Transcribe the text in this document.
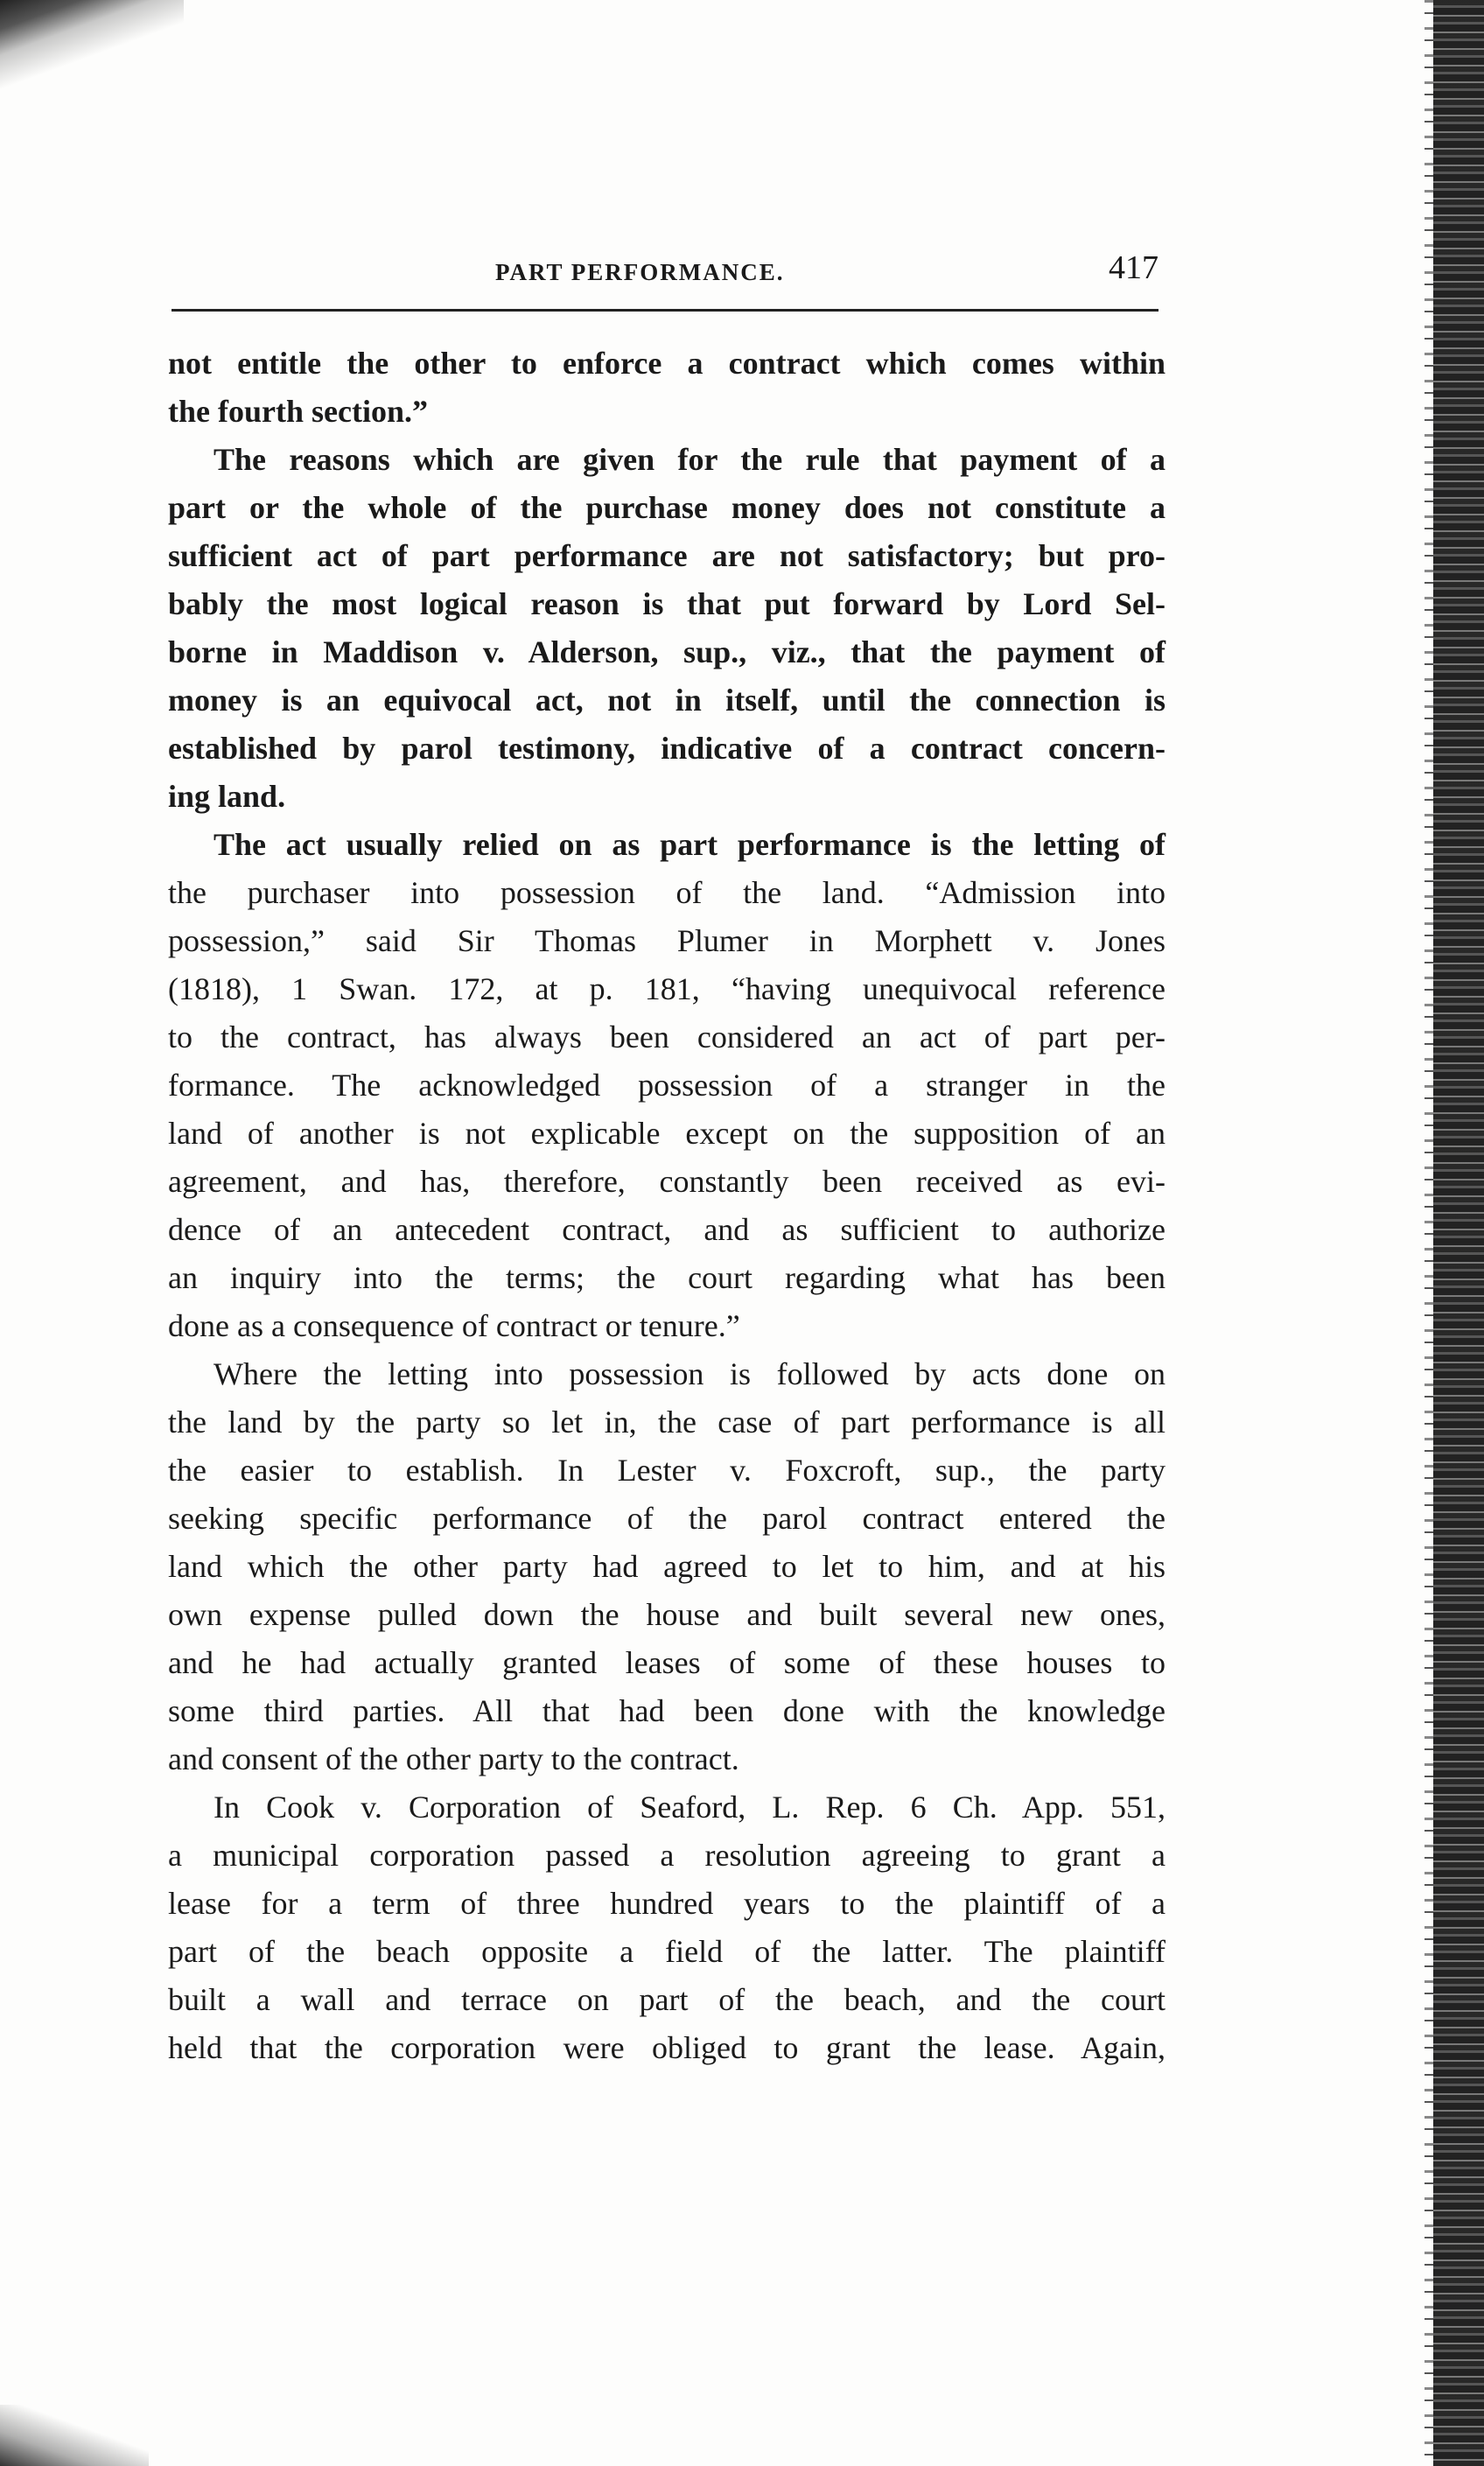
PART PERFORMANCE.	417
not entitle the other to enforce a contract which comes within
the fourth section.”
The reasons which are given for the rule that payment of a
part or the whole of the purchase money does not constitute a
sufficient act of part performance are not satisfactory; but pro-
bably the most logical reason is that put forward by Lord Sel-
borne in Maddison v. Alderson, sup., viz., that the payment of
money is an equivocal act, not in itself, until the connection is
established by parol testimony, indicative of a contract concern-
ing land.
The act usually relied on as part performance is the letting of
the purchaser into possession of the land. “Admission into
possession,” said Sir Thomas Plumer in Morphett v. Jones
(1818), 1 Swan. 172, at p. 181, “having unequivocal reference
to the contract, has always been considered an act of part per-
formance. The acknowledged possession of a stranger in the
land of another is not explicable except on the supposition of an
agreement, and has, therefore, constantly been received as evi-
dence of an antecedent contract, and as sufficient to authorize
an inquiry into the terms; the court regarding what has been
done as a consequence of contract or tenure.”
Where the letting into possession is followed by acts done on
the land by the party so let in, the case of part performance is all
the easier to establish. In Lester v. Foxcroft, sup., the party
seeking specific performance of the parol contract entered the
land which the other party had agreed to let to him, and at his
own expense pulled down the house and built several new ones,
and he had actually granted leases of some of these houses to
some third parties. All that had been done with the knowledge
and consent of the other party to the contract.
In Cook v. Corporation of Seaford, L. Rep. 6 Ch. App. 551,
a municipal corporation passed a resolution agreeing to grant a
lease for a term of three hundred years to the plaintiff of a
part of the beach opposite a field of the latter. The plaintiff
built a wall and terrace on part of the beach, and the court
held that the corporation were obliged to grant the lease. Again,
